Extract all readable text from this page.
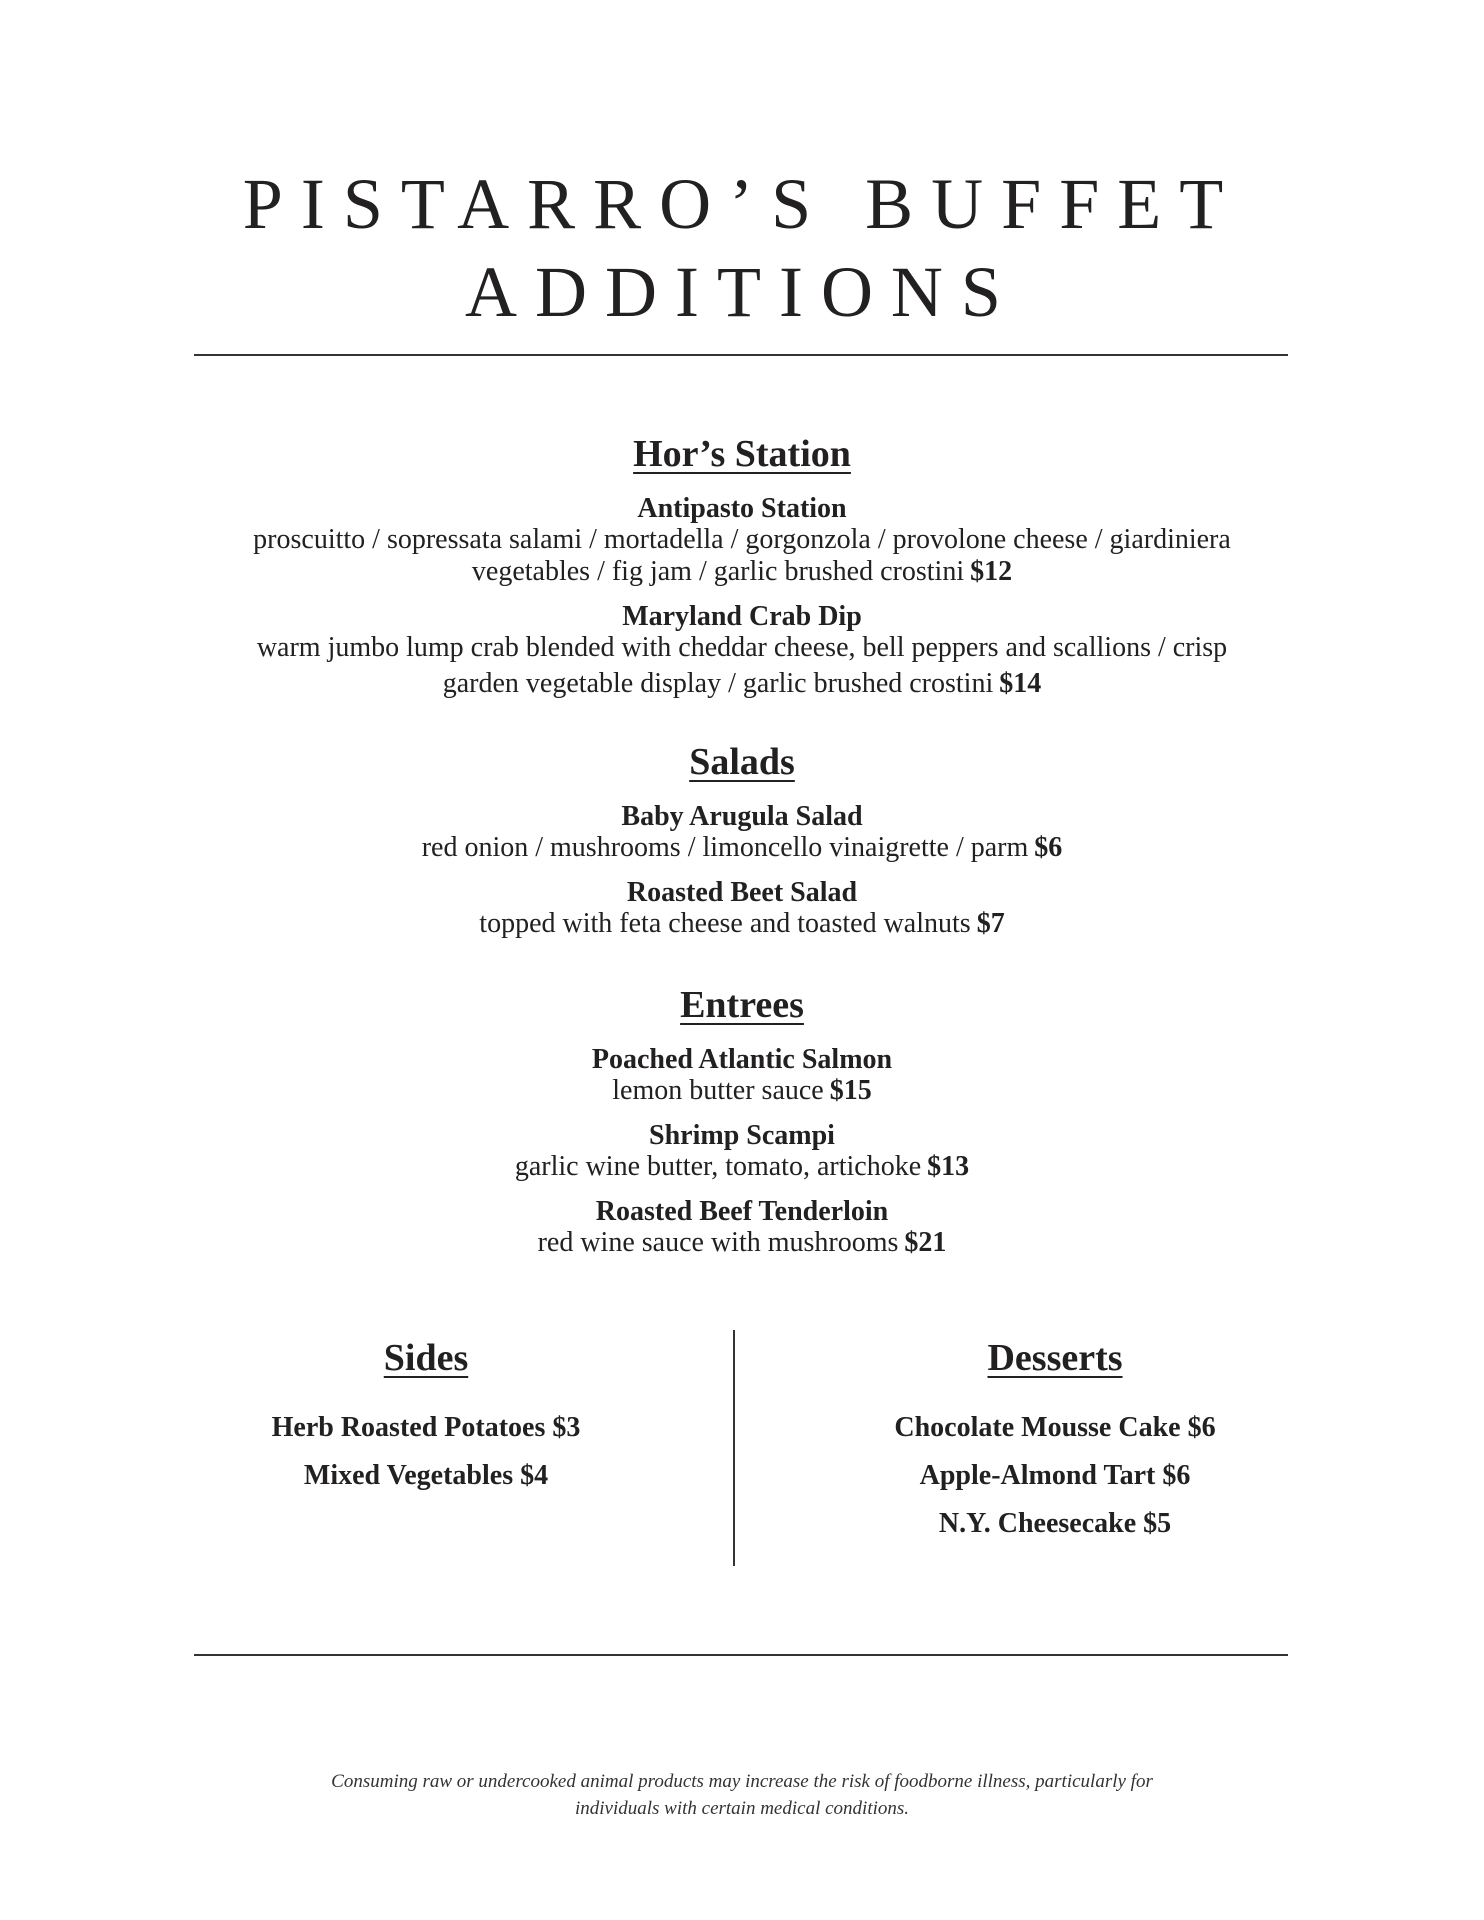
PISTARRO’S BUFFET
ADDITIONS
Hor’s Station
Antipasto Station
proscuitto / sopressata salami / mortadella / gorgonzola / provolone cheese / giardiniera
vegetables / fig jam / garlic brushed crostini $12
Maryland Crab Dip
warm jumbo lump crab blended with cheddar cheese, bell peppers and scallions / crisp
garden vegetable display / garlic brushed crostini $14
Salads
Baby Arugula Salad
red onion / mushrooms / limoncello vinaigrette / parm $6
Roasted Beet Salad
topped with feta cheese and toasted walnuts $7
Entrees
Poached Atlantic Salmon
lemon butter sauce $15
Shrimp Scampi
garlic wine butter, tomato, artichoke $13
Roasted Beef Tenderloin
red wine sauce with mushrooms $21
Sides
Herb Roasted Potatoes $3
Mixed Vegetables $4
Desserts
Chocolate Mousse Cake $6
Apple-Almond Tart $6
N.Y. Cheesecake $5
Consuming raw or undercooked animal products may increase the risk of foodborne illness, particularly for
individuals with certain medical conditions.
